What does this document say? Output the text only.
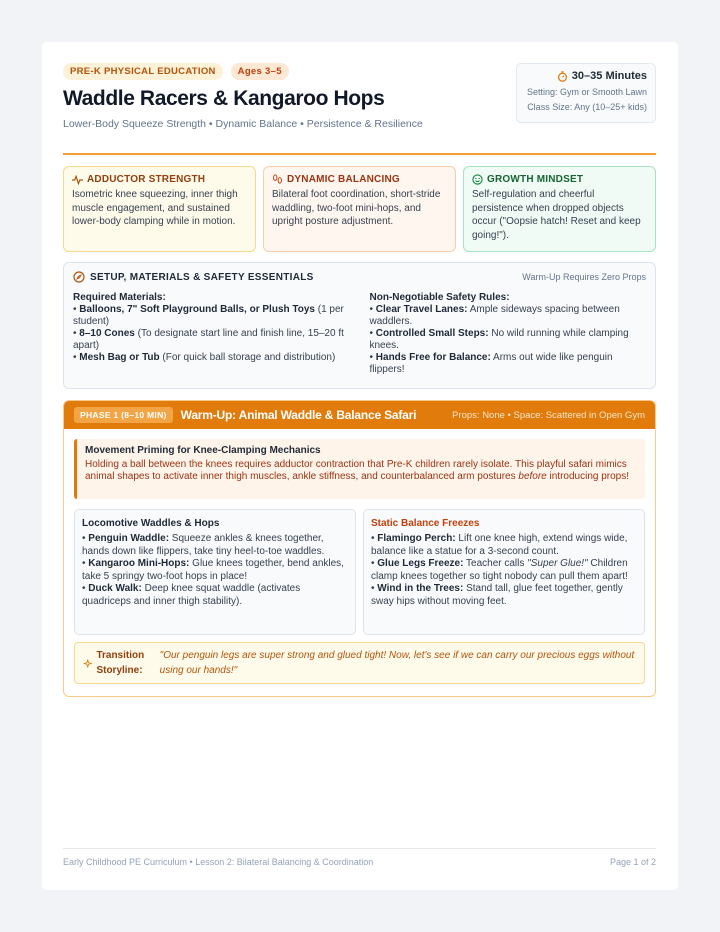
PRE-K PHYSICAL EDUCATION	Ages 3–5
Waddle Racers & Kangaroo Hops
Lower-Body Squeeze Strength • Dynamic Balance • Persistence & Resilience
30–35 Minutes
Setting: Gym or Smooth Lawn
Class Size: Any (10–25+ kids)
ADDUCTOR STRENGTH
Isometric knee squeezing, inner thigh muscle engagement, and sustained lower-body clamping while in motion.
DYNAMIC BALANCING
Bilateral foot coordination, short-stride waddling, two-foot mini-hops, and upright posture adjustment.
GROWTH MINDSET
Self-regulation and cheerful persistence when dropped objects occur ("Oopsie hatch! Reset and keep going!").
SETUP, MATERIALS & SAFETY ESSENTIALS	Warm-Up Requires Zero Props
Required Materials:
• Balloons, 7" Soft Playground Balls, or Plush Toys (1 per student)
• 8–10 Cones (To designate start line and finish line, 15–20 ft apart)
• Mesh Bag or Tub (For quick ball storage and distribution)
Non-Negotiable Safety Rules:
• Clear Travel Lanes: Ample sideways spacing between waddlers.
• Controlled Small Steps: No wild running while clamping knees.
• Hands Free for Balance: Arms out wide like penguin flippers!
PHASE 1 (8–10 MIN)	Warm-Up: Animal Waddle & Balance Safari	Props: None • Space: Scattered in Open Gym
Movement Priming for Knee-Clamping Mechanics
Holding a ball between the knees requires adductor contraction that Pre-K children rarely isolate. This playful safari mimics animal shapes to activate inner thigh muscles, ankle stiffness, and counterbalanced arm postures before introducing props!
Locomotive Waddles & Hops
• Penguin Waddle: Squeeze ankles & knees together, hands down like flippers, take tiny heel-to-toe waddles.
• Kangaroo Mini-Hops: Glue knees together, bend ankles, take 5 springy two-foot hops in place!
• Duck Walk: Deep knee squat waddle (activates quadriceps and inner thigh stability).
Static Balance Freezes
• Flamingo Perch: Lift one knee high, extend wings wide, balance like a statue for a 3-second count.
• Glue Legs Freeze: Teacher calls "Super Glue!" Children clamp knees together so tight nobody can pull them apart!
• Wind in the Trees: Stand tall, glue feet together, gently sway hips without moving feet.
Transition Storyline:
"Our penguin legs are super strong and glued tight! Now, let's see if we can carry our precious eggs without using our hands!"
Early Childhood PE Curriculum • Lesson 2: Bilateral Balancing & Coordination	Page 1 of 2
